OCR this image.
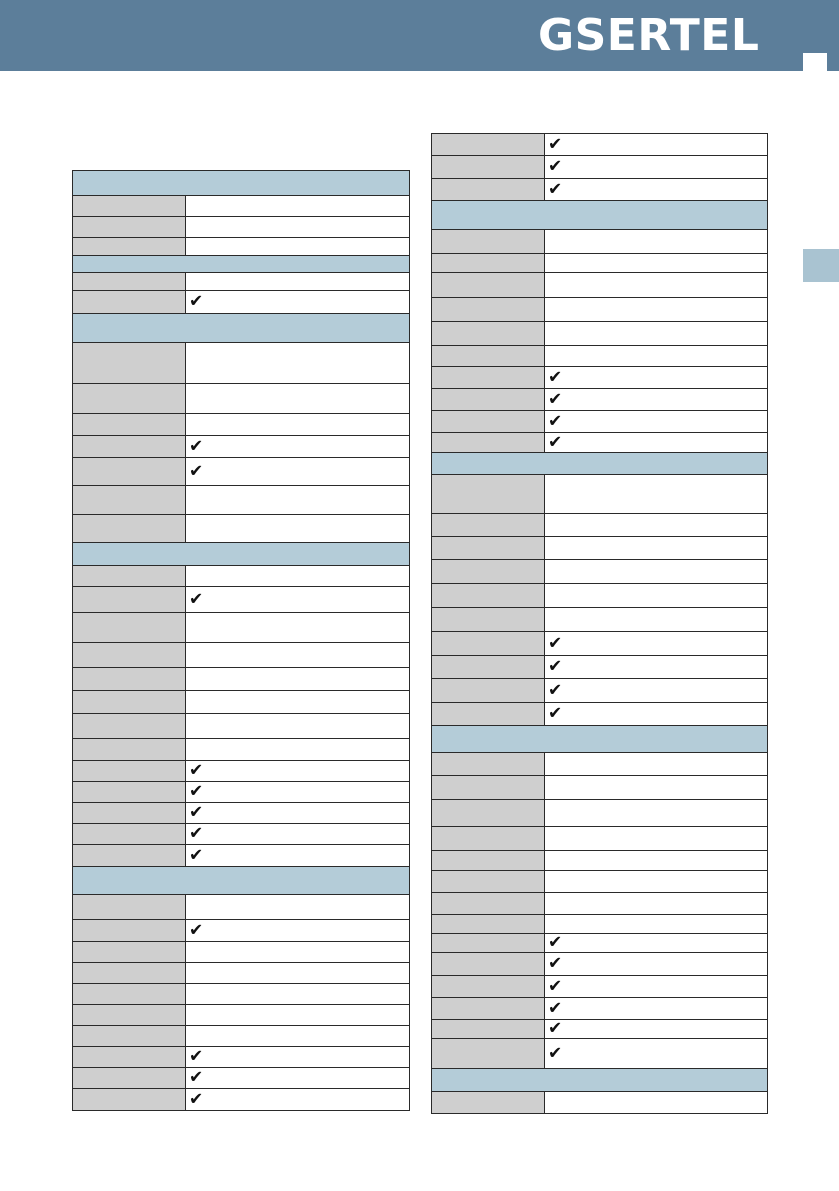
GSERTEL
✔
✔
✔
✔
✔
✔
✔
✔
✔
✔
✔
✔
✔
✔
✔
✔
✔
✔
✔
✔
✔
✔
✔
✔
✔
✔
✔
✔
✔
✔
